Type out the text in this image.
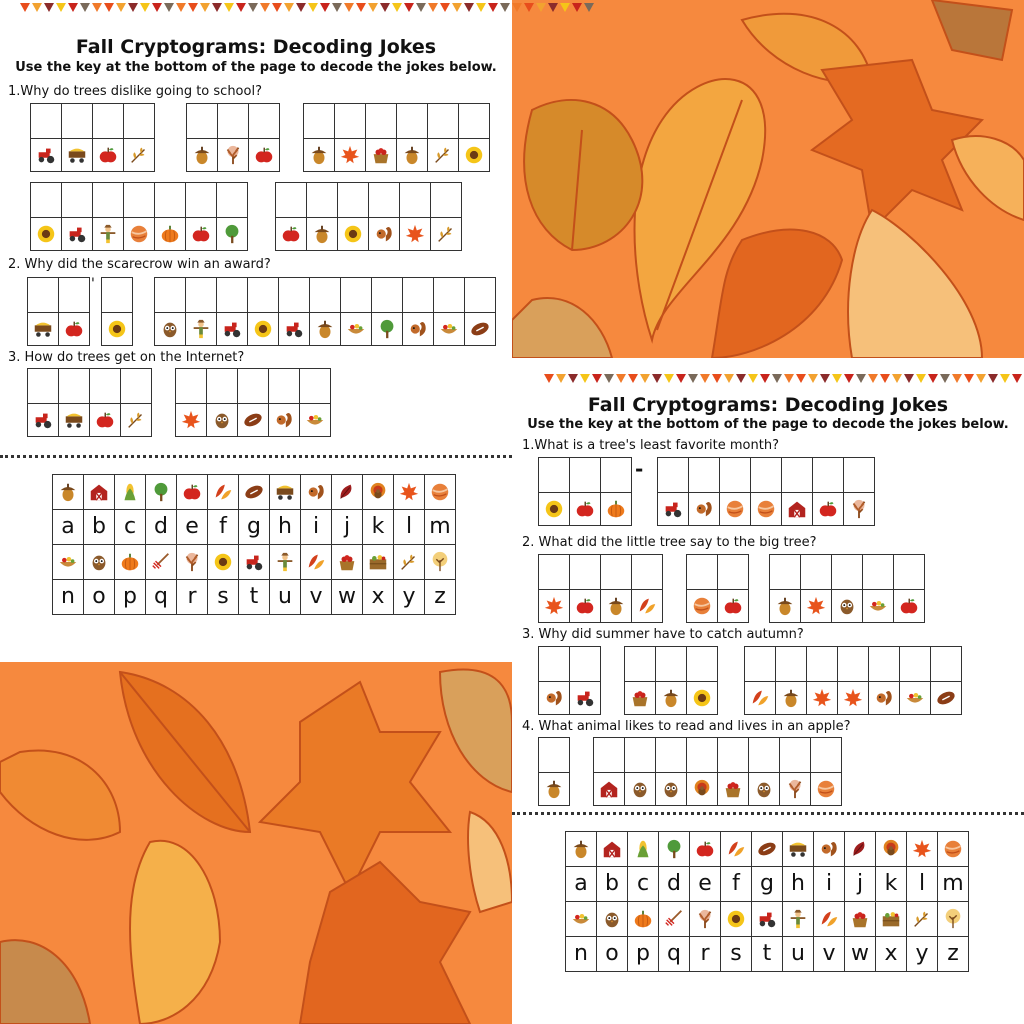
Fall Cryptograms: Decoding Jokes
Use the key at the bottom of the page to decode the jokes below.
1.Why do trees dislike going to school?
2. Why did the scarecrow win an award?
'
3. How do trees get on the Internet?
a b c d e f g h i	j k l m
n o p q r s t u v w x y z
Fall Cryptograms: Decoding Jokes
Use the key at the bottom of the page to decode the jokes below.
1.What is a tree's least favorite month?
-
2. What did the little tree say to the big tree?
3. Why did summer have to catch autumn?
4. What animal likes to read and lives in an apple?
a b c d e f g h i	j k l m
n o p q r s t u v w x y z
